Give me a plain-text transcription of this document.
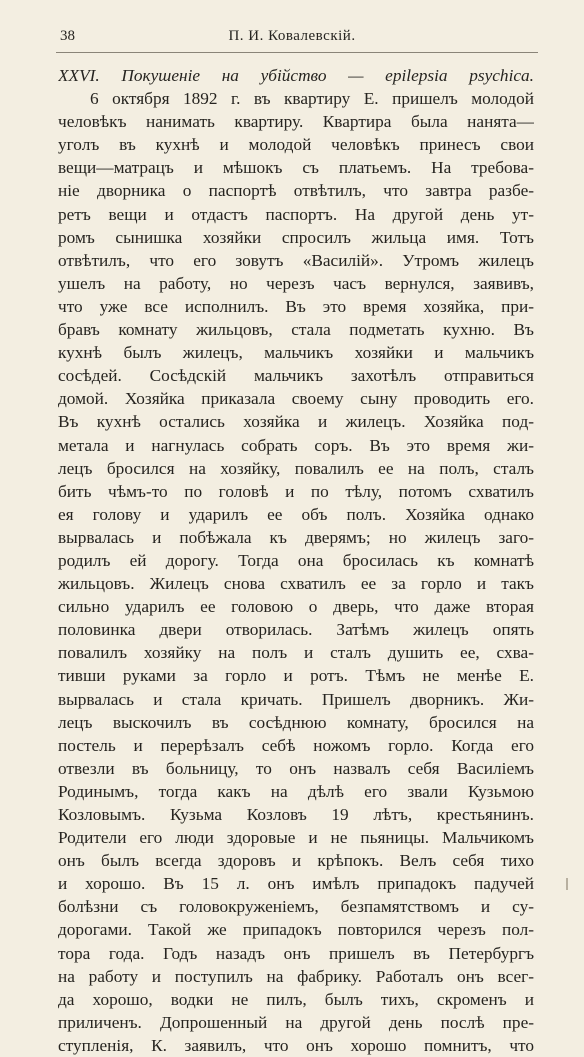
38	П. И. Ковалевскій.
XXVI. Покушеніе на убійство — epilepsia psychica.
6 октября 1892 г. въ квартиру Е. пришелъ молодой
человѣкъ нанимать квартиру. Квартира была нанята—
уголъ въ кухнѣ и молодой человѣкъ принесъ свои
вещи—матрацъ и мѣшокъ съ платьемъ. На требова-
ніе дворника о паспортѣ отвѣтилъ, что завтра разбе-
ретъ вещи и отдастъ паспортъ. На другой день ут-
ромъ сынишка хозяйки спросилъ жильца имя. Тотъ
отвѣтилъ, что его зовутъ «Василій». Утромъ жилецъ
ушелъ на работу, но черезъ часъ вернулся, заявивъ,
что уже все исполнилъ. Въ это время хозяйка, при-
бравъ комнату жильцовъ, стала подметать кухню. Въ
кухнѣ былъ жилецъ, мальчикъ хозяйки и мальчикъ
сосѣдей. Сосѣдскій мальчикъ захотѣлъ отправиться
домой. Хозяйка приказала своему сыну проводить его.
Въ кухнѣ остались хозяйка и жилецъ. Хозяйка под-
метала и нагнулась собрать соръ. Въ это время жи-
лецъ бросился на хозяйку, повалилъ ее на полъ, сталъ
бить чѣмъ-то по головѣ и по тѣлу, потомъ схватилъ
ея голову и ударилъ ее объ полъ. Хозяйка однако
вырвалась и побѣжала къ дверямъ; но жилецъ заго-
родилъ ей дорогу. Тогда она бросилась къ комнатѣ
жильцовъ. Жилецъ снова схватилъ ее за горло и такъ
сильно ударилъ ее головою о дверь, что даже вторая
половинка двери отворилась. Затѣмъ жилецъ опять
повалилъ хозяйку на полъ и сталъ душить ее, схва-
тивши руками за горло и ротъ. Тѣмъ не менѣе Е.
вырвалась и стала кричать. Пришелъ дворникъ. Жи-
лецъ выскочилъ въ сосѣднюю комнату, бросился на
постель и перерѣзалъ себѣ ножомъ горло. Когда его
отвезли въ больницу, то онъ назвалъ себя Василіемъ
Родинымъ, тогда какъ на дѣлѣ его звали Кузьмою
Козловымъ. Кузьма Козловъ 19 лѣтъ, крестьянинъ.
Родители его люди здоровые и не пьяницы. Мальчикомъ
онъ былъ всегда здоровъ и крѣпокъ. Велъ себя тихо
и хорошо. Въ 15 л. онъ имѣлъ припадокъ падучей
болѣзни съ головокруженіемъ, безпамятствомъ и су-
дорогами. Такой же припадокъ повторился черезъ пол-
тора года. Годъ назадъ онъ пришелъ въ Петербургъ
на работу и поступилъ на фабрику. Работалъ онъ всег-
да хорошо, водки не пилъ, былъ тихъ, скроменъ и
приличенъ. Допрошенный на другой день послѣ пре-
ступленія, К. заявилъ, что онъ хорошо помнитъ, что
